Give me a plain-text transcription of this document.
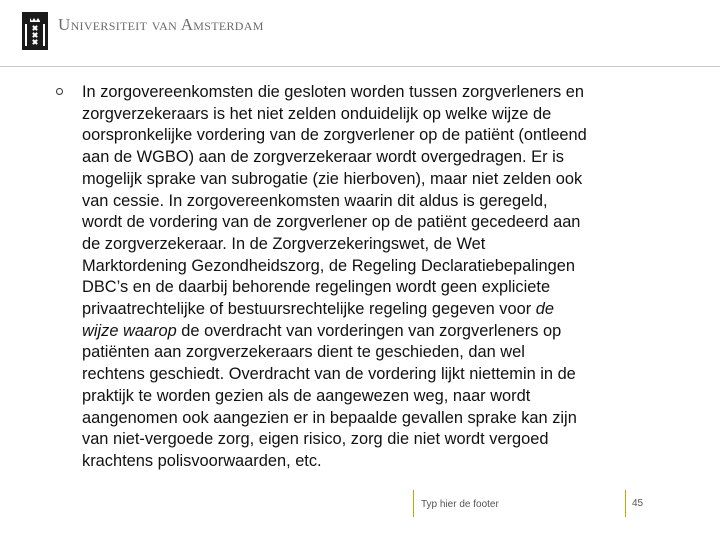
Universiteit van Amsterdam

In zorgovereenkomsten die gesloten worden tussen zorgverleners en
zorgverzekeraars is het niet zelden onduidelijk op welke wijze de
oorspronkelijke vordering van de zorgverlener op de patiënt (ontleend
aan de WGBO) aan de zorgverzekeraar wordt overgedragen. Er is
mogelijk sprake van subrogatie (zie hierboven), maar niet zelden ook
van cessie. In zorgovereenkomsten waarin dit aldus is geregeld,
wordt de vordering van de zorgverlener op de patiënt gecedeerd aan
de zorgverzekeraar. In de Zorgverzekeringswet, de Wet
Marktordening Gezondheidszorg, de Regeling Declaratiebepalingen
DBC’s en de daarbij behorende regelingen wordt geen expliciete
privaatrechtelijke of bestuursrechtelijke regeling gegeven voor de
wijze waarop de overdracht van vorderingen van zorgverleners op
patiënten aan zorgverzekeraars dient te geschieden, dan wel
rechtens geschiedt. Overdracht van de vordering lijkt niettemin in de
praktijk te worden gezien als de aangewezen weg, naar wordt
aangenomen ook aangezien er in bepaalde gevallen sprake kan zijn
van niet-vergoede zorg, eigen risico, zorg die niet wordt vergoed
krachtens polisvoorwaarden, etc.

Typ hier de footer	45
